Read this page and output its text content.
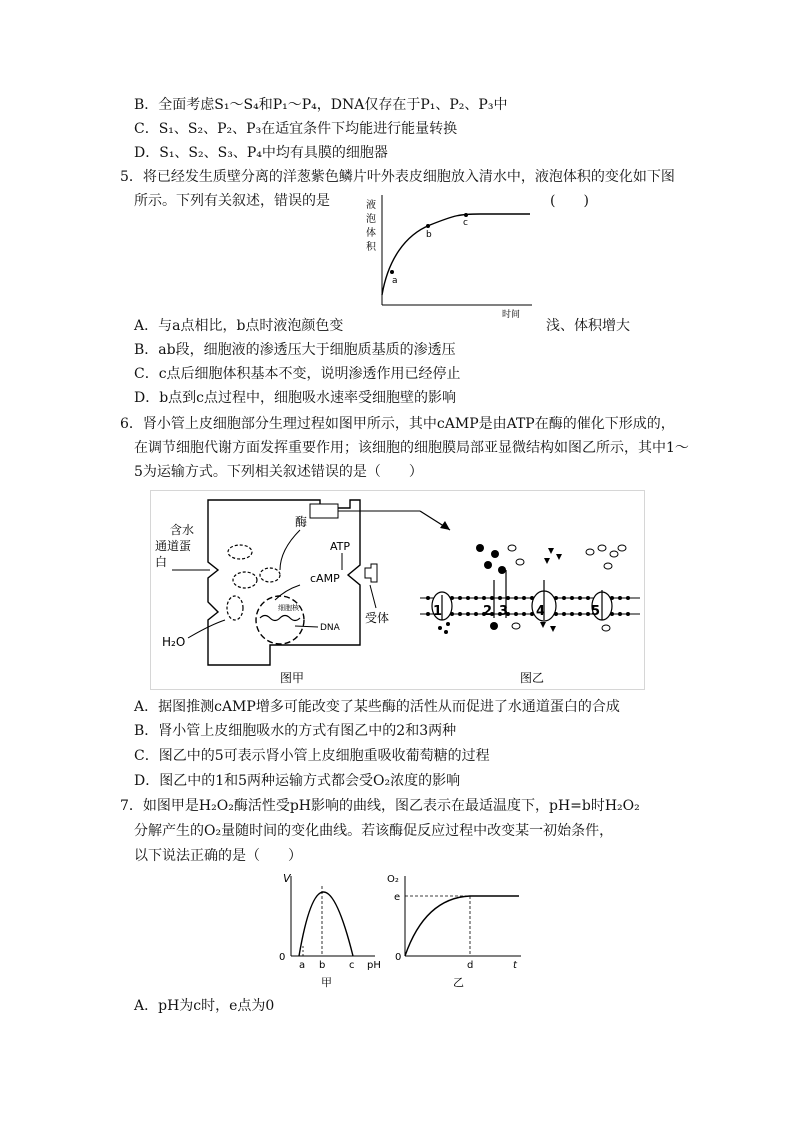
B．全面考虑S₁～S₄和P₁～P₄，DNA仅存在于P₁、P₂、P₃中
C．S₁、S₂、P₂、P₃在适宜条件下均能进行能量转换
D．S₁、S₂、S₃、P₄中均有具膜的细胞器
5．将已经发生质壁分离的洋葱紫色鳞片叶外表皮细胞放入清水中，液泡体积的变化如下图
所示。下列有关叙述，错误的是	(　　)
液
泡
体
积
a
b
c
时间
A．与a点相比，b点时液泡颜色变	浅、体积增大
B．ab段，细胞液的渗透压大于细胞质基质的渗透压
C．c点后细胞体积基本不变，说明渗透作用已经停止
D．b点到c点过程中，细胞吸水速率受细胞壁的影响
6．肾小管上皮细胞部分生理过程如图甲所示，其中cAMP是由ATP在酶的催化下形成的，
在调节细胞代谢方面发挥重要作用；该细胞的细胞膜局部亚显微结构如图乙所示，其中1～
5为运输方式。下列相关叙述错误的是（　　）
细胞核
DNA
酶
ATP
cAMP
受体
含水
通道蛋
白
H₂O
1	2 3 4	5
图甲	图乙
A．据图推测cAMP增多可能改变了某些酶的活性从而促进了水通道蛋白的合成
B．肾小管上皮细胞吸水的方式有图乙中的2和3两种
C．图乙中的5可表示肾小管上皮细胞重吸收葡萄糖的过程
D．图乙中的1和5两种运输方式都会受O₂浓度的影响
7．如图甲是H₂O₂酶活性受pH影响的曲线，图乙表示在最适温度下，pH=b时H₂O₂
分解产生的O₂量随时间的变化曲线。若该酶促反应过程中改变某一初始条件，
以下说法正确的是（　　）
V
0
a b c pH
甲
O₂
e
0
d	t
乙
A．pH为c时，e点为0
